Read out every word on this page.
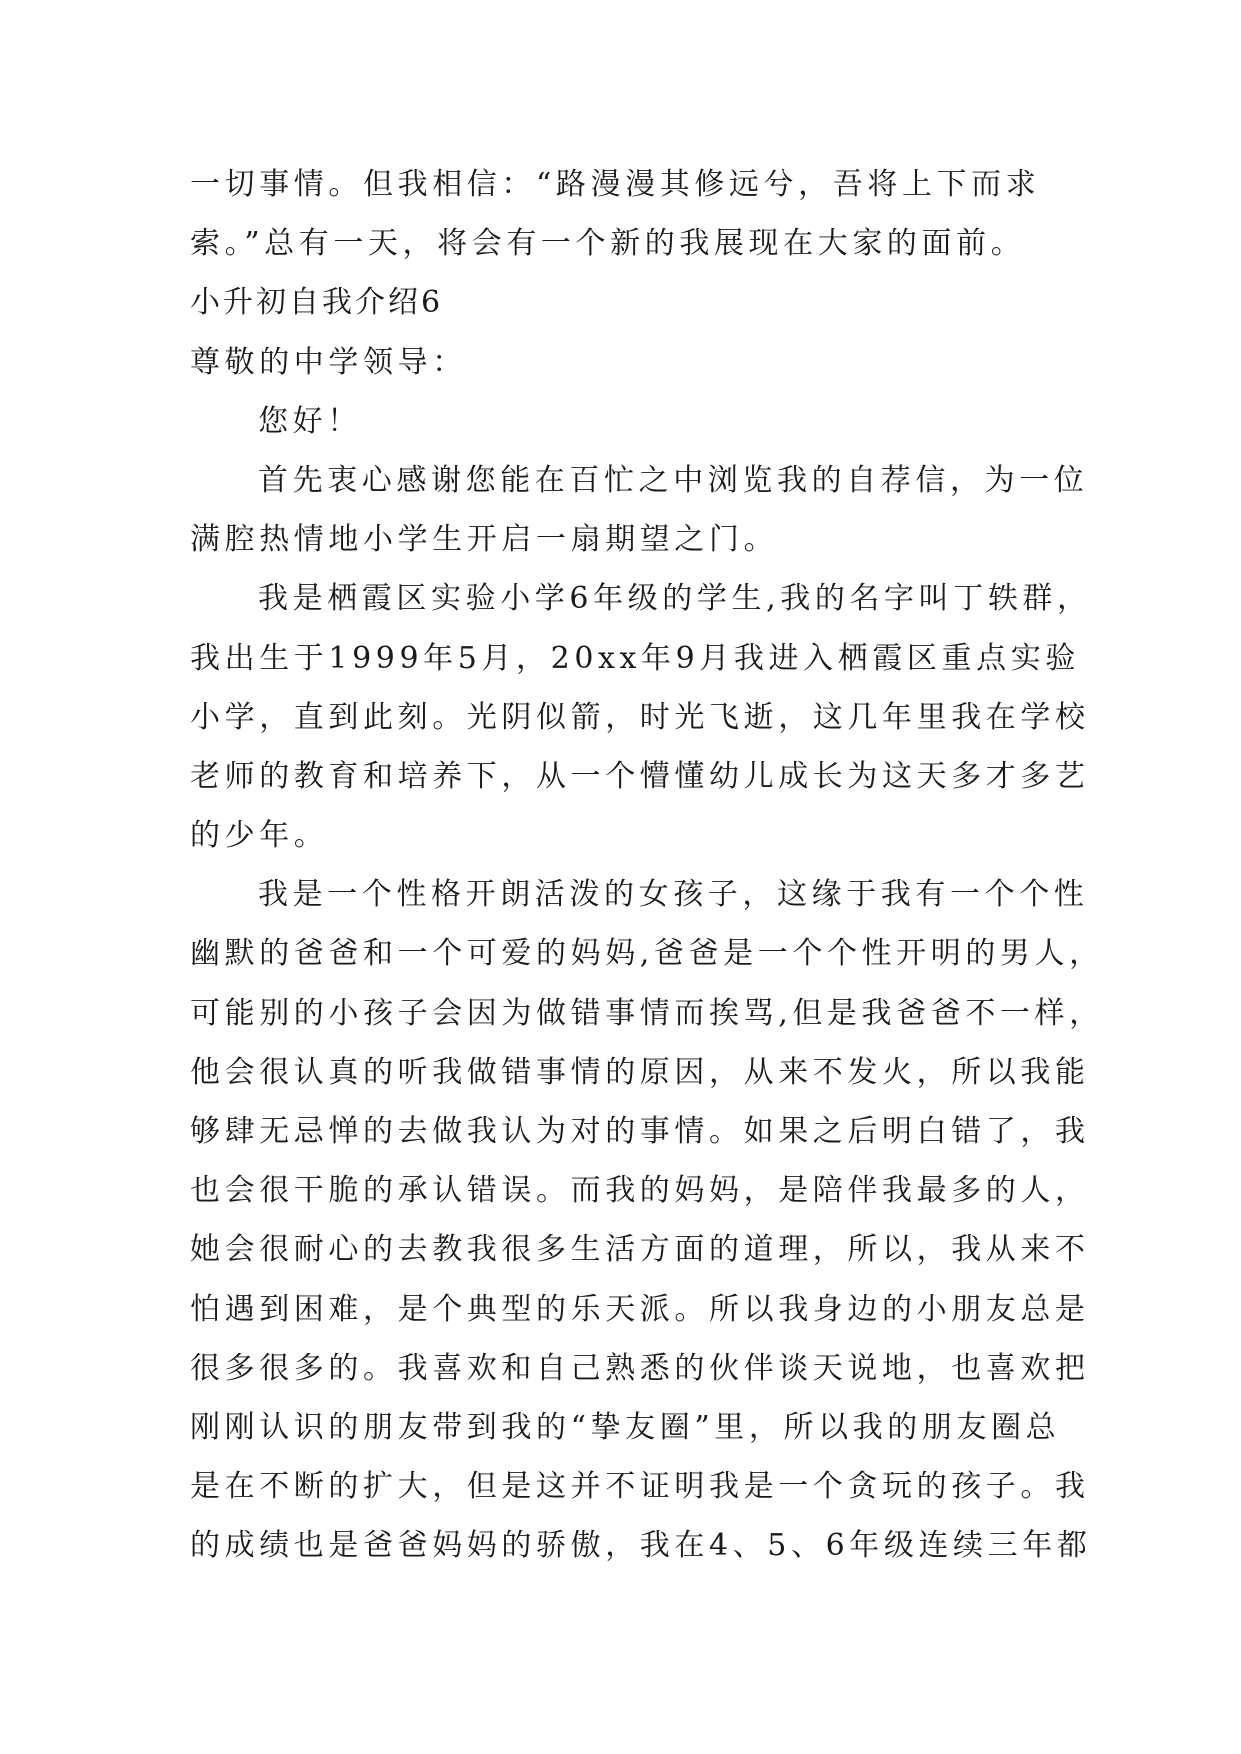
一切事情。但我相信：“路漫漫其修远兮，吾将上下而求
索。”总有一天，将会有一个新的我展现在大家的面前。
小升初自我介绍6
尊敬的中学领导：
您好！
首先衷心感谢您能在百忙之中浏览我的自荐信，为一位
满腔热情地小学生开启一扇期望之门。
我是栖霞区实验小学6年级的学生,我的名字叫丁轶群，
我出生于1999年5月，20xx年9月我进入栖霞区重点实验
小学，直到此刻。光阴似箭，时光飞逝，这几年里我在学校
老师的教育和培养下，从一个懵懂幼儿成长为这天多才多艺
的少年。
我是一个性格开朗活泼的女孩子，这缘于我有一个个性
幽默的爸爸和一个可爱的妈妈,爸爸是一个个性开明的男人，
可能别的小孩子会因为做错事情而挨骂,但是我爸爸不一样，
他会很认真的听我做错事情的原因，从来不发火，所以我能
够肆无忌惮的去做我认为对的事情。如果之后明白错了，我
也会很干脆的承认错误。而我的妈妈，是陪伴我最多的人，
她会很耐心的去教我很多生活方面的道理，所以，我从来不
怕遇到困难，是个典型的乐天派。所以我身边的小朋友总是
很多很多的。我喜欢和自己熟悉的伙伴谈天说地，也喜欢把
刚刚认识的朋友带到我的“挚友圈”里，所以我的朋友圈总
是在不断的扩大，但是这并不证明我是一个贪玩的孩子。我
的成绩也是爸爸妈妈的骄傲，我在4、5、6年级连续三年都
